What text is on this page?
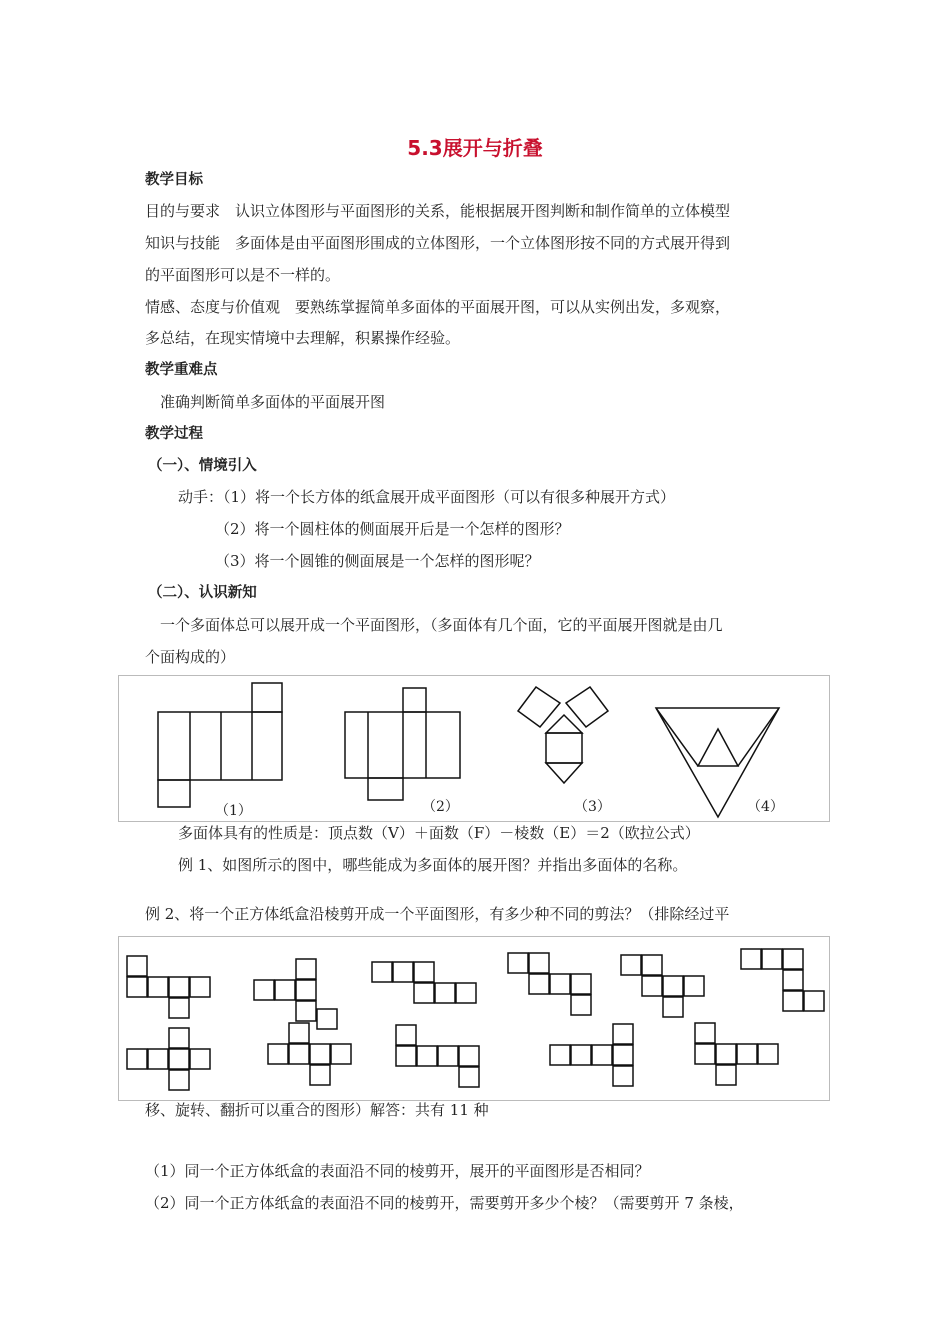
5.3展开与折叠
教学目标
目的与要求　认识立体图形与平面图形的关系，能根据展开图判断和制作简单的立体模型
知识与技能　多面体是由平面图形围成的立体图形，一个立体图形按不同的方式展开得到
的平面图形可以是不一样的。
情感、态度与价值观　要熟练掌握简单多面体的平面展开图，可以从实例出发，多观察，
多总结，在现实情境中去理解，积累操作经验。
教学重难点
准确判断简单多面体的平面展开图
教学过程
（一）、情境引入
动手：（1）将一个长方体的纸盒展开成平面图形（可以有很多种展开方式）
（2）将一个圆柱体的侧面展开后是一个怎样的图形？
（3）将一个圆锥的侧面展是一个怎样的图形呢？
（二）、认识新知
一个多面体总可以展开成一个平面图形，（多面体有几个面，它的平面展开图就是由几
个面构成的）
（1）	（2）	（3）	（4）
多面体具有的性质是：顶点数（V）＋面数（F）－棱数（E）＝2（欧拉公式）
例 1、如图所示的图中，哪些能成为多面体的展开图？并指出多面体的名称。
例 2、将一个正方体纸盒沿棱剪开成一个平面图形，有多少种不同的剪法？（排除经过平
移、旋转、翻折可以重合的图形）解答：共有 11 种
（1）同一个正方体纸盒的表面沿不同的棱剪开，展开的平面图形是否相同？
（2）同一个正方体纸盒的表面沿不同的棱剪开，需要剪开多少个棱？（需要剪开 7 条棱，
